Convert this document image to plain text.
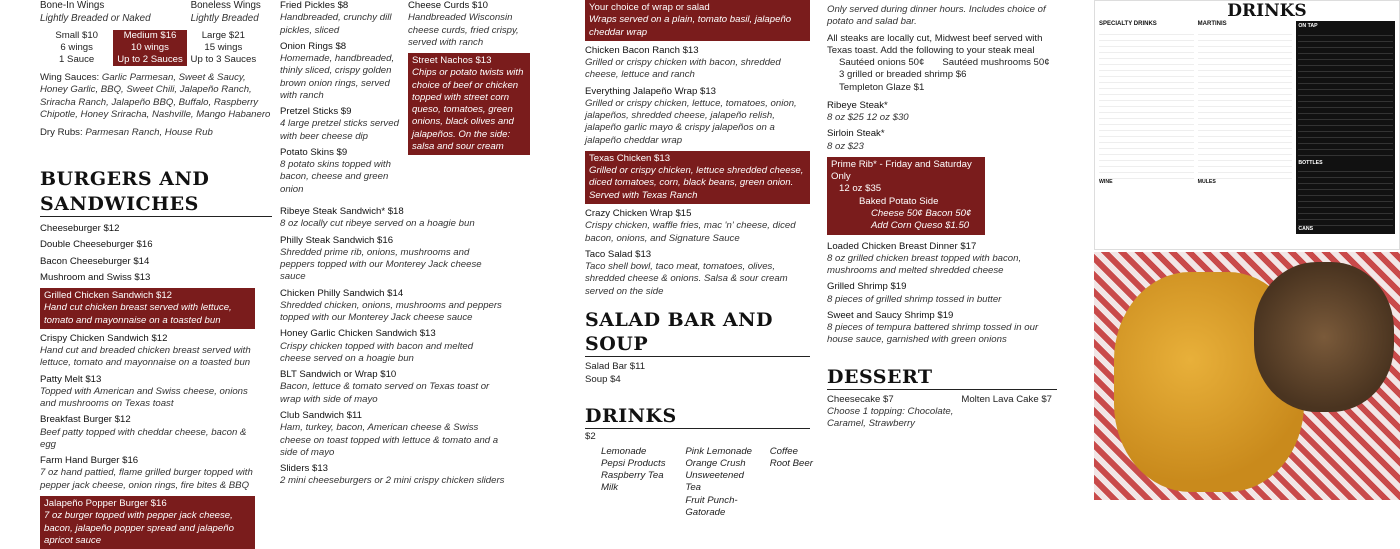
Bone-In Wings
Lightly Breaded or Naked
Boneless Wings
Lightly Breaded
Small $10
6 wings
1 Sauce
Medium $16
10 wings
Up to 2 Sauces
Large $21
15 wings
Up to 3 Sauces
Wing Sauces: Garlic Parmesan, Sweet & Saucy, Honey Garlic, BBQ, Sweet Chili, Jalapeño Ranch, Sriracha Ranch, Jalapeño BBQ, Buffalo, Raspberry Chipotle, Honey Sriracha, Nashville, Mango Habanero
Dry Rubs: Parmesan Ranch, House Rub
BURGERS AND SANDWICHES
Cheeseburger $12
Double Cheeseburger $16
Bacon Cheeseburger $14
Mushroom and Swiss $13
Grilled Chicken Sandwich $12
Hand cut chicken breast served with lettuce, tomato and mayonnaise on a toasted bun
Crispy Chicken Sandwich $12
Hand cut and breaded chicken breast served with lettuce, tomato and mayonnaise on a toasted bun
Patty Melt $13
Topped with American and Swiss cheese, onions and mushrooms on Texas toast
Breakfast Burger $12
Beef patty topped with cheddar cheese, bacon & egg
Farm Hand Burger $16
7 oz hand pattied, flame grilled burger topped with pepper jack cheese, onion rings, fire bites & BBQ
Jalapeño Popper Burger $16
7 oz burger topped with pepper jack cheese, bacon, jalapeño popper spread and jalapeño apricot sauce
Fried Pickles $8
Handbreaded, crunchy dill pickles, sliced
Onion Rings $8
Homemade, handbreaded, thinly sliced, crispy golden brown onion rings, served with ranch
Pretzel Sticks $9
4 large pretzel sticks served with beer cheese dip
Potato Skins $9
8 potato skins topped with bacon, cheese and green onion
Cheese Curds $10
Handbreaded Wisconsin cheese curds, fried crispy, served with ranch
Street Nachos $13
Chips or potato twists with choice of beef or chicken topped with street corn queso, tomatoes, green onions, black olives and jalapeños. On the side: salsa and sour cream
Ribeye Steak Sandwich* $18
8 oz locally cut ribeye served on a hoagie bun
Philly Steak Sandwich $16
Shredded prime rib, onions, mushrooms and peppers topped with our Monterey Jack cheese sauce
Chicken Philly Sandwich $14
Shredded chicken, onions, mushrooms and peppers topped with our Monterey Jack cheese sauce
Honey Garlic Chicken Sandwich $13
Crispy chicken topped with bacon and melted cheese served on a hoagie bun
BLT Sandwich or Wrap $10
Bacon, lettuce & tomato served on Texas toast or wrap with side of mayo
Club Sandwich $11
Ham, turkey, bacon, American cheese & Swiss cheese on toast topped with lettuce & tomato and a side of mayo
Sliders $13
2 mini cheeseburgers or 2 mini crispy chicken sliders
Your choice of wrap or salad
Wraps served on a plain, tomato basil, jalapeño cheddar wrap
Chicken Bacon Ranch $13
Grilled or crispy chicken with bacon, shredded cheese, lettuce and ranch
Everything Jalapeño Wrap $13
Grilled or crispy chicken, lettuce, tomatoes, onion, jalapeños, shredded cheese, jalapeño relish, jalapeño garlic mayo & crispy jalapeños on a jalapeño cheddar wrap
Texas Chicken $13
Grilled or crispy chicken, lettuce shredded cheese, diced tomatoes, corn, black beans, green onion. Served with Texas Ranch
Crazy Chicken Wrap $15
Crispy chicken, waffle fries, mac 'n' cheese, diced bacon, onions, and Signature Sauce
Taco Salad $13
Taco shell bowl, taco meat, tomatoes, olives, shredded cheese & onions. Salsa & sour cream served on the side
SALAD BAR AND SOUP
Salad Bar $11
Soup $4
DRINKS
$2
Lemonade
Pepsi Products
Raspberry Tea
Milk
Pink Lemonade
Orange Crush
Unsweetened Tea
Fruit Punch- Gatorade
Coffee
Root Beer
Only served during dinner hours. Includes choice of potato and salad bar.
All steaks are locally cut, Midwest beef served with Texas toast. Add the following to your steak meal
Sautéed onions 50¢ Sautéed mushrooms 50¢
3 grilled or breaded shrimp $6
Templeton Glaze $1
Ribeye Steak*
8 oz $25 12 oz $30
Sirloin Steak*
8 oz $23
Prime Rib* - Friday and Saturday Only
12 oz $35
Baked Potato Side
Cheese 50¢ Bacon 50¢
Add Corn Queso $1.50
Loaded Chicken Breast Dinner $17
8 oz grilled chicken breast topped with bacon, mushrooms and melted shredded cheese
Grilled Shrimp $19
8 pieces of grilled shrimp tossed in butter
Sweet and Saucy Shrimp $19
8 pieces of tempura battered shrimp tossed in our house sauce, garnished with green onions
DESSERT
Cheesecake $7	Molten Lava Cake $7
Choose 1 topping: Chocolate, Caramel, Strawberry
DRINKS
SPECIALTY DRINKS
WINE
MARTINIS
MULES
ON TAP
BOTTLES
CANS
